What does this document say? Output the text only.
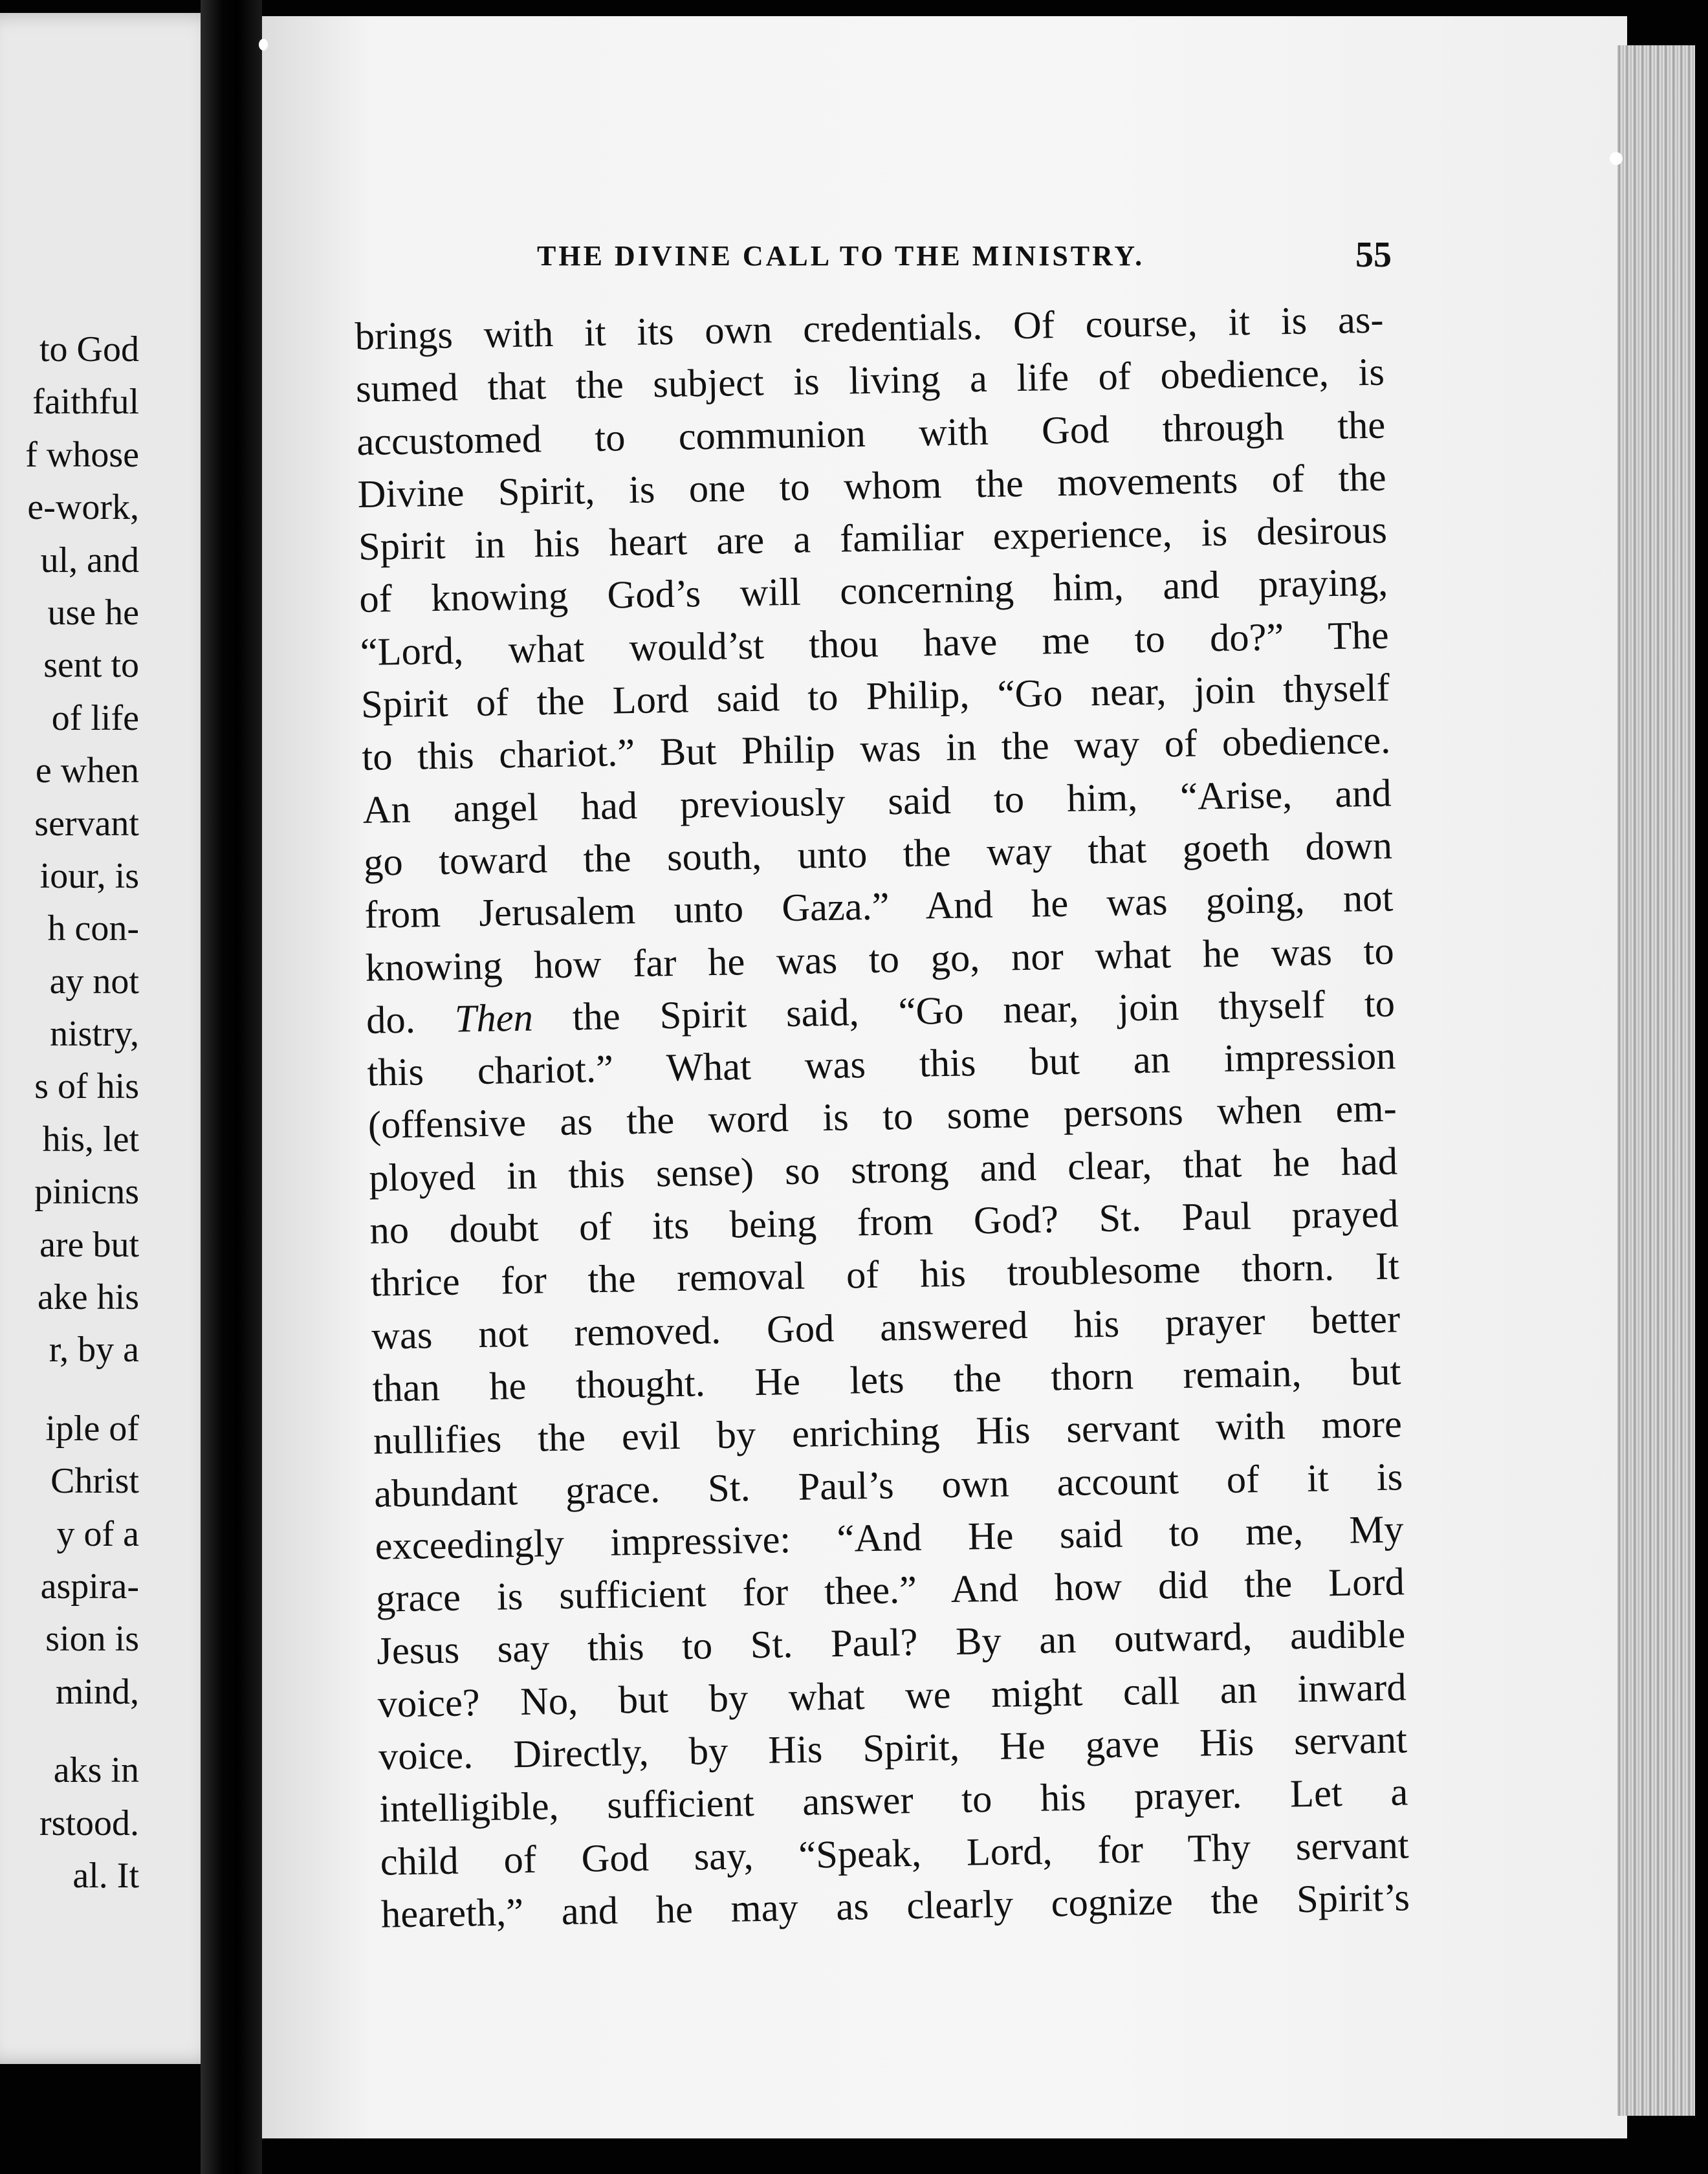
to God
faithful
f whose
e-work,
ul, and
use he
sent to
of life
e when
servant
iour, is
h con-
ay not
nistry,
s of his
his, let
pinicns
are but
ake his
r, by a
iple of
Christ
y of a
aspira-
sion is
mind,
aks in
rstood.
al. It
THE DIVINE CALL TO THE MINISTRY.	55
brings with it its own credentials. Of course, it is as-
sumed that the subject is living a life of obedience, is
accustomed to communion with God through the
Divine Spirit, is one to whom the movements of the
Spirit in his heart are a familiar experience, is desirous
of knowing God’s will concerning him, and praying,
“Lord, what would’st thou have me to do?” The
Spirit of the Lord said to Philip, “Go near, join thyself
to this chariot.” But Philip was in the way of obedience.
An angel had previously said to him, “Arise, and
go toward the south, unto the way that goeth down
from Jerusalem unto Gaza.” And he was going, not
knowing how far he was to go, nor what he was to
do. Then the Spirit said, “Go near, join thyself to
this chariot.” What was this but an impression
(offensive as the word is to some persons when em-
ployed in this sense) so strong and clear, that he had
no doubt of its being from God? St. Paul prayed
thrice for the removal of his troublesome thorn. It
was not removed. God answered his prayer better
than he thought. He lets the thorn remain, but
nullifies the evil by enriching His servant with more
abundant grace. St. Paul’s own account of it is
exceedingly impressive: “And He said to me, My
grace is sufficient for thee.” And how did the Lord
Jesus say this to St. Paul? By an outward, audible
voice? No, but by what we might call an inward
voice. Directly, by His Spirit, He gave His servant
intelligible, sufficient answer to his prayer. Let a
child of God say, “Speak, Lord, for Thy servant
heareth,” and he may as clearly cognize the Spirit’s
